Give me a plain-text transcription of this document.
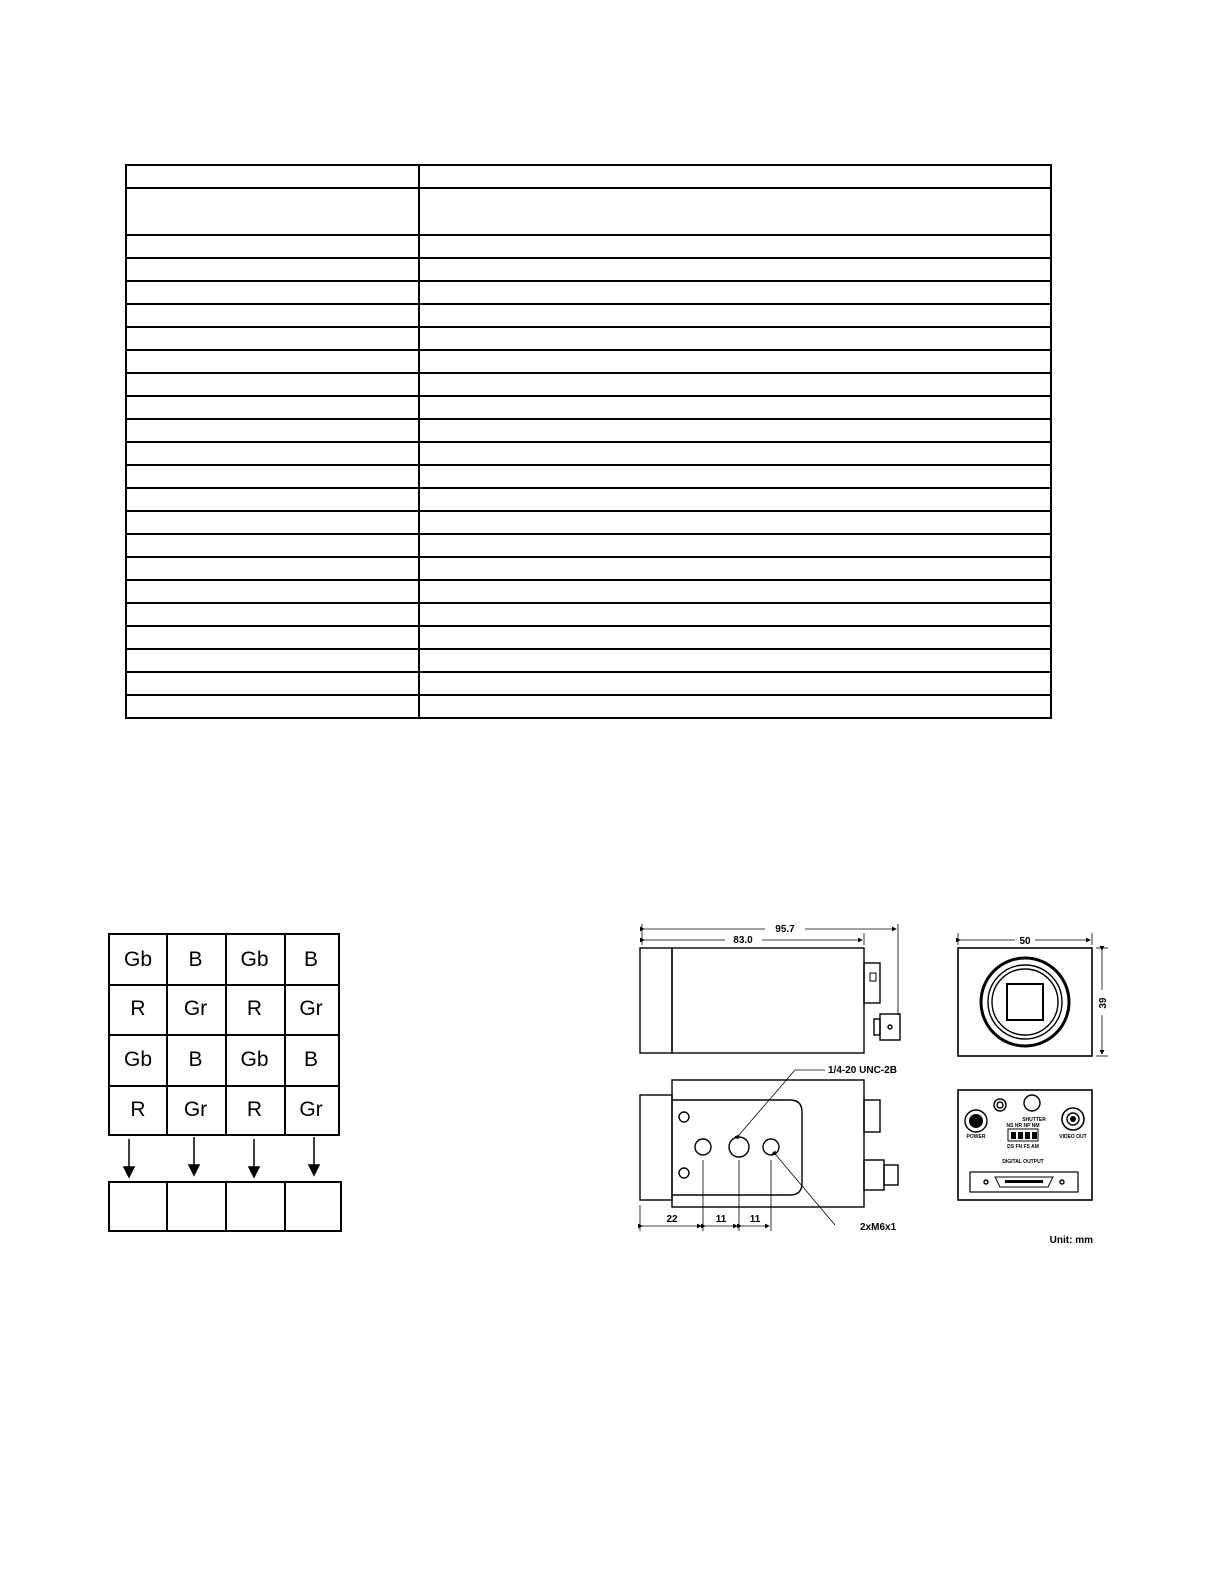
Gb	B	Gb	B
R	Gr	R	Gr
Gb	B	Gb	B
R	Gr	R	Gr
95.7
83.0	50
39
1/4-20 UNC-2B
2xM6x1
22	11 11
Unit: mm
POWER
SHUTTER
VIDEO OUT
NS NR NP NM
DS FN FS AM
DIGITAL OUTPUT
